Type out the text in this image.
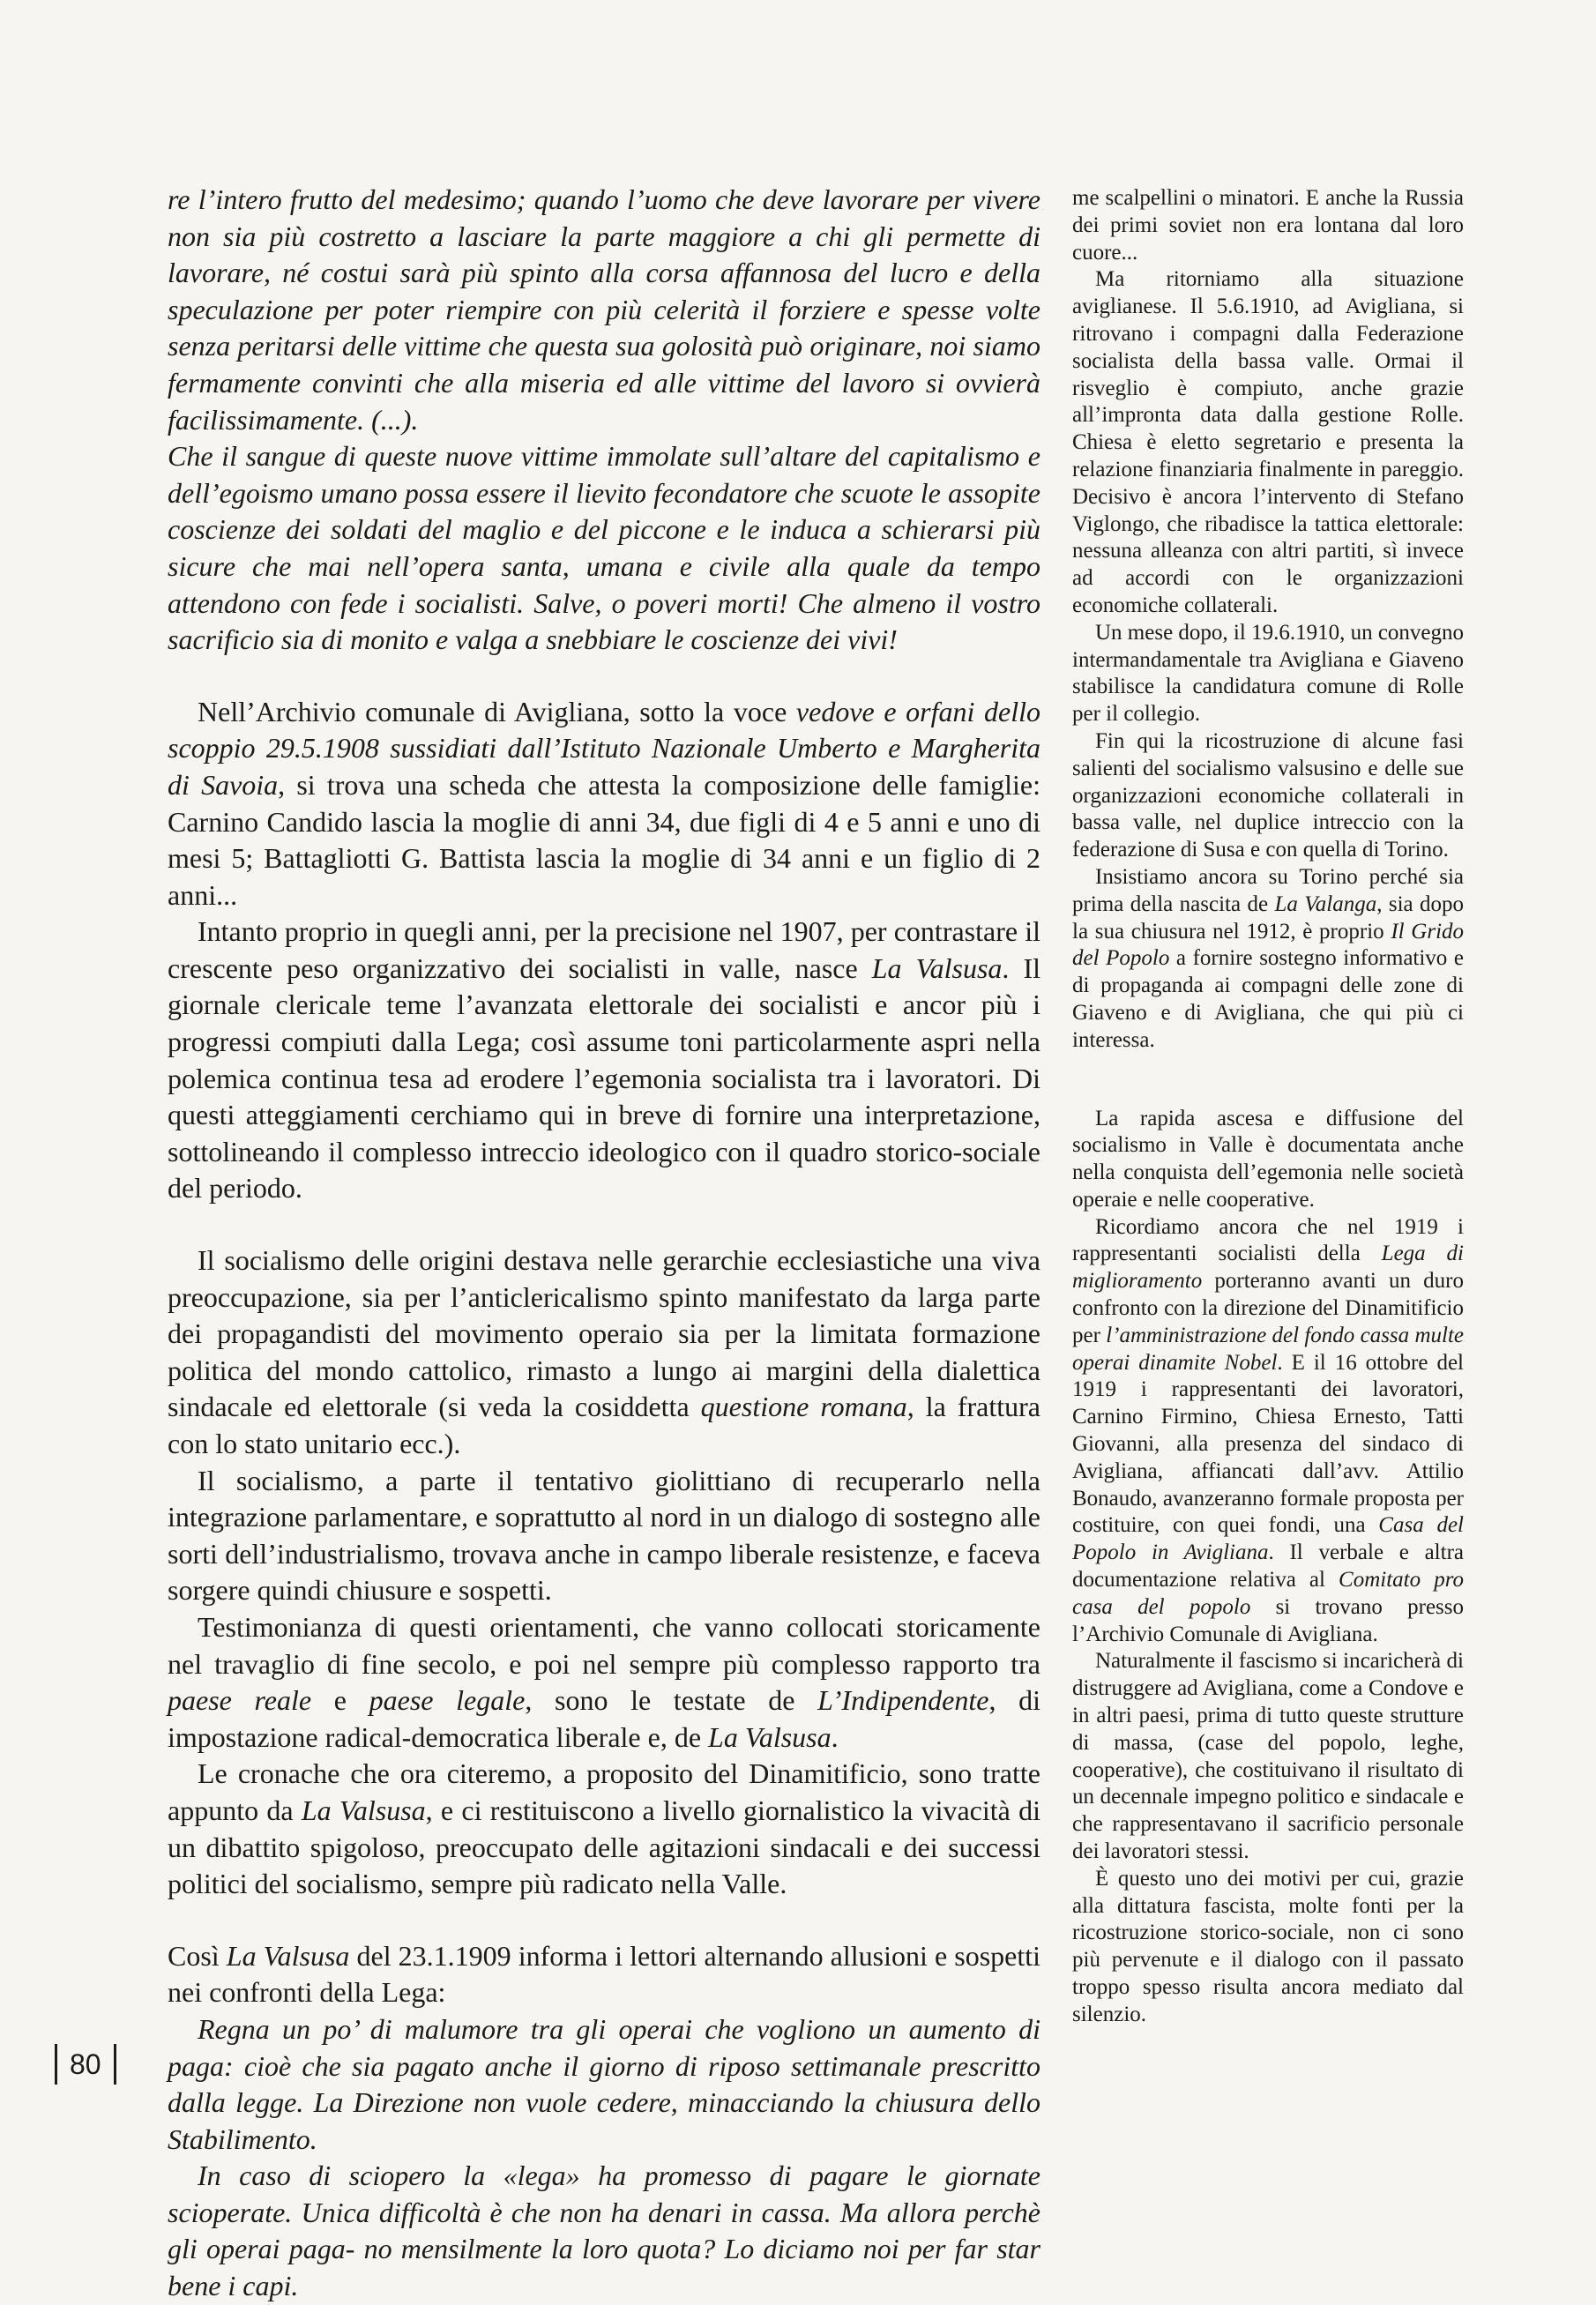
re l’intero frutto del medesimo; quando l’uomo che deve lavorare per vivere non sia più costretto a lasciare la parte maggiore a chi gli permette di lavorare, né costui sarà più spinto alla corsa affannosa del lucro e della speculazione per poter riempire con più celerità il forziere e spesse volte senza peritarsi delle vittime che questa sua golosità può originare, noi siamo fermamente convinti che alla miseria ed alle vittime del lavoro si ovvierà facilissimamente. (...).

Che il sangue di queste nuove vittime immolate sull’altare del capitalismo e dell’egoismo umano possa essere il lievito fecondatore che scuote le assopite coscienze dei soldati del maglio e del piccone e le induca a schierarsi più sicure che mai nell’opera santa, umana e civile alla quale da tempo attendono con fede i socialisti. Salve, o poveri morti! Che almeno il vostro sacrificio sia di monito e valga a snebbiare le coscienze dei vivi!

Nell’Archivio comunale di Avigliana, sotto la voce vedove e orfani dello scoppio 29.5.1908 sussidiati dall’Istituto Nazionale Umberto e Margherita di Savoia, si trova una scheda che attesta la composizione delle famiglie: Carnino Candido lascia la moglie di anni 34, due figli di 4 e 5 anni e uno di mesi 5; Battagliotti G. Battista lascia la moglie di 34 anni e un figlio di 2 anni...

Intanto proprio in quegli anni, per la precisione nel 1907, per contrastare il crescente peso organizzativo dei socialisti in valle, nasce La Valsusa. Il giornale clericale teme l’avanzata elettorale dei socialisti e ancor più i progressi compiuti dalla Lega; così assume toni particolarmente aspri nella polemica continua tesa ad erodere l’egemonia socialista tra i lavoratori. Di questi atteggiamenti cerchiamo qui in breve di fornire una interpretazione, sottolineando il complesso intreccio ideologico con il quadro storico-sociale del periodo.

Il socialismo delle origini destava nelle gerarchie ecclesiastiche una viva preoccupazione, sia per l’anticlericalismo spinto manifestato da larga parte dei propagandisti del movimento operaio sia per la limitata formazione politica del mondo cattolico, rimasto a lungo ai margini della dialettica sindacale ed elettorale (si veda la cosiddetta questione romana, la frattura con lo stato unitario ecc.).

Il socialismo, a parte il tentativo giolittiano di recuperarlo nella integrazione parlamentare, e soprattutto al nord in un dialogo di sostegno alle sorti dell’industrialismo, trovava anche in campo liberale resistenze, e faceva sorgere quindi chiusure e sospetti.

Testimonianza di questi orientamenti, che vanno collocati storicamente nel travaglio di fine secolo, e poi nel sempre più complesso rapporto tra paese reale e paese legale, sono le testate de L’Indipendente, di impostazione radical-democratica liberale e, de La Valsusa.

Le cronache che ora citeremo, a proposito del Dinamitificio, sono tratte appunto da La Valsusa, e ci restituiscono a livello giornalistico la vivacità di un dibattito spigoloso, preoccupato delle agitazioni sindacali e dei successi politici del socialismo, sempre più radicato nella Valle.

Così La Valsusa del 23.1.1909 informa i lettori alternando allusioni e sospetti nei confronti della Lega:

Regna un po’ di malumore tra gli operai che vogliono un aumento di paga: cioè che sia pagato anche il giorno di riposo settimanale prescritto dalla legge. La Direzione non vuole cedere, minacciando la chiusura dello Stabilimento.

In caso di sciopero la «lega» ha promesso di pagare le giornate scioperate. Unica difficoltà è che non ha denari in cassa. Ma allora perchè gli operai paga- no mensilmente la loro quota? Lo diciamo noi per far star bene i capi.

me scalpellini o minatori. E anche la Russia dei primi soviet non era lontana dal loro cuore...

Ma ritorniamo alla situazione aviglianese. Il 5.6.1910, ad Avigliana, si ritrovano i compagni dalla Federazione socialista della bassa valle. Ormai il risveglio è compiuto, anche grazie all’impronta data dalla gestione Rolle. Chiesa è eletto segretario e presenta la relazione finanziaria finalmente in pareggio. Decisivo è ancora l’intervento di Stefano Viglongo, che ribadisce la tattica elettorale: nessuna alleanza con altri partiti, sì invece ad accordi con le organizzazioni economiche collaterali.

Un mese dopo, il 19.6.1910, un convegno intermandamentale tra Avigliana e Giaveno stabilisce la candidatura comune di Rolle per il collegio.

Fin qui la ricostruzione di alcune fasi salienti del socialismo valsusino e delle sue organizzazioni economiche collaterali in bassa valle, nel duplice intreccio con la federazione di Susa e con quella di Torino.

Insistiamo ancora su Torino perché sia prima della nascita de La Valanga, sia dopo la sua chiusura nel 1912, è proprio Il Grido del Popolo a fornire sostegno informativo e di propaganda ai compagni delle zone di Giaveno e di Avigliana, che qui più ci interessa.

La rapida ascesa e diffusione del socialismo in Valle è documentata anche nella conquista dell’egemonia nelle società operaie e nelle cooperative.

Ricordiamo ancora che nel 1919 i rappresentanti socialisti della Lega di miglioramento porteranno avanti un duro confronto con la direzione del Dinamitificio per l’amministrazione del fondo cassa multe operai dinamite Nobel. E il 16 ottobre del 1919 i rappresentanti dei lavoratori, Carnino Firmino, Chiesa Ernesto, Tatti Giovanni, alla presenza del sindaco di Avigliana, affiancati dall’avv. Attilio Bonaudo, avanzeranno formale proposta per costituire, con quei fondi, una Casa del Popolo in Avigliana. Il verbale e altra documentazione relativa al Comitato pro casa del popolo si trovano presso l’Archivio Comunale di Avigliana.

Naturalmente il fascismo si incaricherà di distruggere ad Avigliana, come a Condove e in altri paesi, prima di tutto queste strutture di massa, (case del popolo, leghe, cooperative), che costituivano il risultato di un decennale impegno politico e sindacale e che rappresentavano il sacrificio personale dei lavoratori stessi.

È questo uno dei motivi per cui, grazie alla dittatura fascista, molte fonti per la ricostruzione storico-sociale, non ci sono più pervenute e il dialogo con il passato troppo spesso risulta ancora mediato dal silenzio.

80
